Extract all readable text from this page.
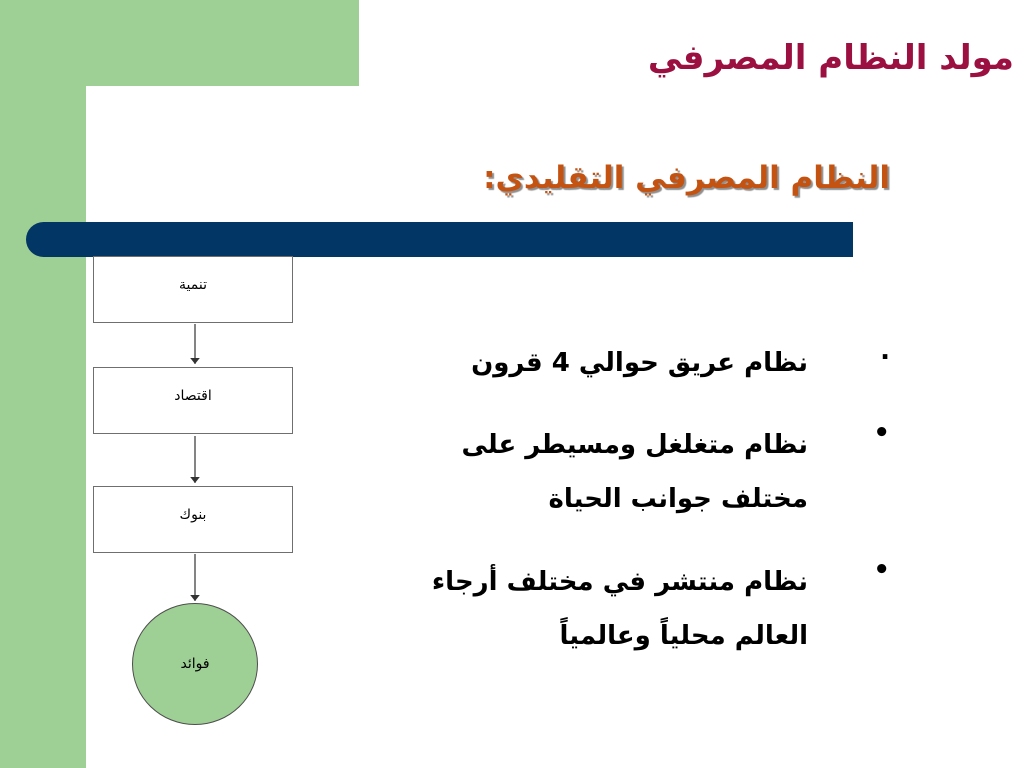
مولد النظام المصرفي
النظام المصرفي التقليدي:
تنمية
اقتصاد
بنوك
فوائد
.
نظام عريق حوالي 4 قرون
•
نظام متغلغل ومسيطر على
مختلف جوانب الحياة
•
نظام منتشر في مختلف أرجاء
العالم محلياً وعالمياً
